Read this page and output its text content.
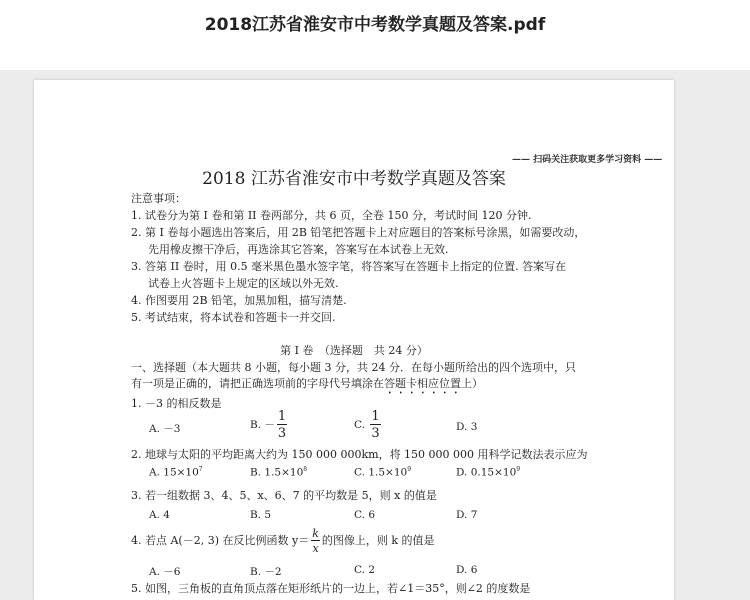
2018江苏省淮安市中考数学真题及答案.pdf
—— 扫码关注获取更多学习资料 ——
2018 江苏省淮安市中考数学真题及答案
注意事项：
1. 试卷分为第 I 卷和第 II 卷两部分，共 6 页，全卷 150 分，考试时间 120 分钟.
2. 第 I 卷每小题选出答案后，用 2B 铅笔把答题卡上对应题目的答案标号涂黑，如需要改动，
先用橡皮擦干净后，再选涂其它答案，答案写在本试卷上无效.
3. 答第 II 卷时，用 0.5 毫米黑色墨水签字笔，将答案写在答题卡上指定的位置. 答案写在
试卷上火答题卡上规定的区域以外无效.
4. 作图要用 2B 铅笔，加黑加粗，描写清楚.
5. 考试结束，将本试卷和答题卡一并交回.
第 I 卷　（选择题　共 24 分）
一、选择题（本大题共 8 小题，每小题 3 分，共 24 分．在每小题所给出的四个选项中，只
有一项是正确的，请把正确选项前的字母代号填涂在答题卡相应位置上）
1. －3 的相反数是
A. －3	B. － $\frac{1}{3}$	C. $\frac{1}{3}$	D. 3
2. 地球与太阳的平均距离大约为 150 000 000km，将 150 000 000 用科学记数法表示应为
A. $15\times 10^7$	B. $1.5\times 10^8$	C. $1.5\times 10^9$	D. $0.15\times 10^9$
3. 若一组数据 3、4、5、x、6、7 的平均数是 5，则 x 的值是
A. 4	B. 5	C. 6	D. 7
4. 若点 A(－2, 3) 在反比例函数 $y= \frac{k}{x}$ 的图像上，则 k 的值是
A. －6	B. －2	C. 2	D. 6
5. 如图，三角板的直角顶点落在矩形纸片的一边上，若∠1＝35°，则∠2 的度数是
